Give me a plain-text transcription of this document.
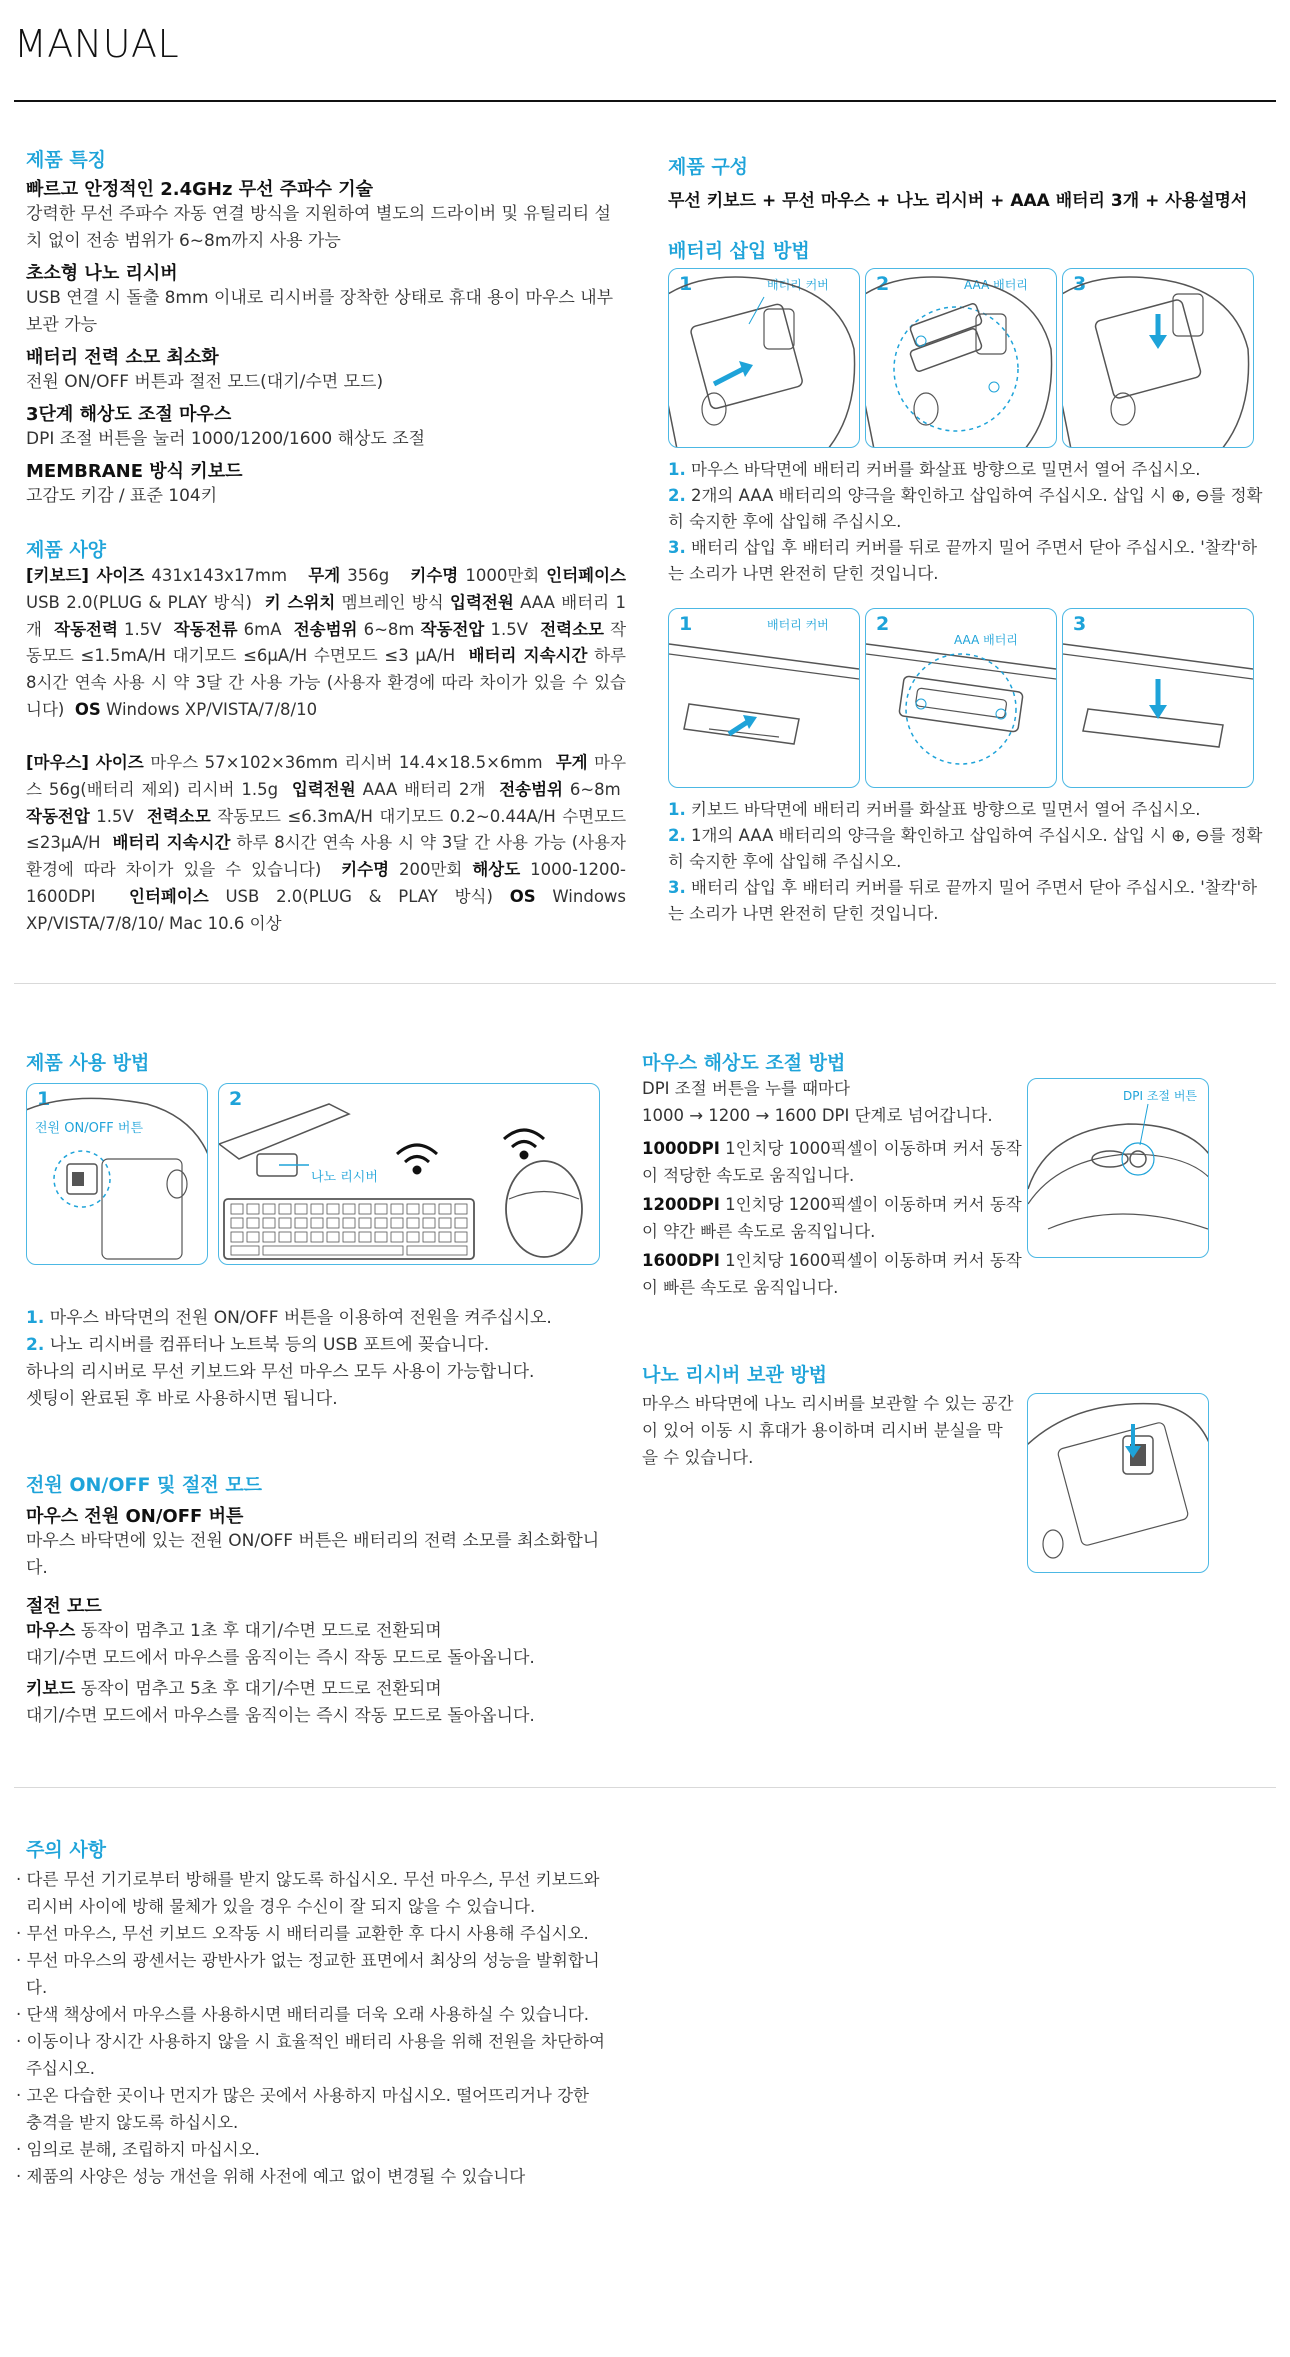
MANUAL
제품 특징
빠르고 안정적인 2.4GHz 무선 주파수 기술
강력한 무선 주파수 자동 연결 방식을 지원하여 별도의 드라이버 및 유틸리티 설치 없이 전송 범위가 6~8m까지 사용 가능
초소형 나노 리시버
USB 연결 시 돌출 8mm 이내로 리시버를 장착한 상태로 휴대 용이 마우스 내부 보관 가능
배터리 전력 소모 최소화
전원 ON/OFF 버튼과 절전 모드(대기/수면 모드)
3단계 해상도 조절 마우스
DPI 조절 버튼을 눌러 1000/1200/1600 해상도 조절
MEMBRANE 방식 키보드
고감도 키감 / 표준 104키
제품 사양
[키보드] 사이즈 431x143x17mm 무게 356g 키수명 1000만회 인터페이스 USB 2.0(PLUG & PLAY 방식) 키 스위치 멤브레인 방식 입력전원 AAA 배터리 1개 작동전력 1.5V 작동전류 6mA 전송범위 6~8m 작동전압 1.5V 전력소모 작동모드 ≤1.5mA/H 대기모드 ≤6μA/H 수면모드 ≤3 μA/H 배터리 지속시간 하루 8시간 연속 사용 시 약 3달 간 사용 가능 (사용자 환경에 따라 차이가 있을 수 있습니다) OS Windows XP/VISTA/7/8/10
[마우스] 사이즈 마우스 57×102×36mm 리시버 14.4×18.5×6mm 무게 마우스 56g(배터리 제외) 리시버 1.5g 입력전원 AAA 배터리 2개 전송범위 6~8m  작동전압 1.5V 전력소모 작동모드 ≤6.3mA/H 대기모드 0.2~0.44A/H 수면모드 ≤23μA/H 배터리 지속시간 하루 8시간 연속 사용 시 약 3달 간 사용 가능 (사용자 환경에 따라 차이가 있을 수 있습니다) 키수명 200만회 해상도 1000-1200-1600DPI 인터페이스 USB 2.0(PLUG & PLAY 방식) OS Windows XP/VISTA/7/8/10/ Mac 10.6 이상
제품 구성
무선 키보드 + 무선 마우스 + 나노 리시버 + AAA 배터리 3개 + 사용설명서
배터리 삽입 방법
1	배터리 커버 2	AAA 배터리 3
1. 마우스 바닥면에 배터리 커버를 화살표 방향으로 밀면서 열어 주십시오.
2. 2개의 AAA 배터리의 양극을 확인하고 삽입하여 주십시오. 삽입 시 ⊕, ⊖를 정확히 숙지한 후에 삽입해 주십시오.
3. 배터리 삽입 후 배터리 커버를 뒤로 끝까지 밀어 주면서 닫아 주십시오. '찰칵'하는 소리가 나면 완전히 닫힌 것입니다.
1	배터리 커버 2
AAA 배터리
3
1. 키보드 바닥면에 배터리 커버를 화살표 방향으로 밀면서 열어 주십시오.
2. 1개의 AAA 배터리의 양극을 확인하고 삽입하여 주십시오. 삽입 시 ⊕, ⊖를 정확히 숙지한 후에 삽입해 주십시오.
3. 배터리 삽입 후 배터리 커버를 뒤로 끝까지 밀어 주면서 닫아 주십시오. '찰칵'하는 소리가 나면 완전히 닫힌 것입니다.
제품 사용 방법
1
전원 ON/OFF 버튼
2
나노 리시버
1. 마우스 바닥면의 전원 ON/OFF 버튼을 이용하여 전원을 켜주십시오.
2. 나노 리시버를 컴퓨터나 노트북 등의 USB 포트에 꽂습니다.
하나의 리시버로 무선 키보드와 무선 마우스 모두 사용이 가능합니다.
셋팅이 완료된 후 바로 사용하시면 됩니다.
전원 ON/OFF 및 절전 모드
마우스 전원 ON/OFF 버튼
마우스 바닥면에 있는 전원 ON/OFF 버튼은 배터리의 전력 소모를 최소화합니다.
절전 모드
마우스 동작이 멈추고 1초 후 대기/수면 모드로 전환되며
대기/수면 모드에서 마우스를 움직이는 즉시 작동 모드로 돌아옵니다.
키보드 동작이 멈추고 5초 후 대기/수면 모드로 전환되며
대기/수면 모드에서 마우스를 움직이는 즉시 작동 모드로 돌아옵니다.
마우스 해상도 조절 방법
DPI 조절 버튼을 누를 때마다
1000 → 1200 → 1600 DPI 단계로 넘어갑니다.
1000DPI 1인치당 1000픽셀이 이동하며 커서 동작이 적당한 속도로 움직입니다.
1200DPI 1인치당 1200픽셀이 이동하며 커서 동작이 약간 빠른 속도로 움직입니다.
1600DPI 1인치당 1600픽셀이 이동하며 커서 동작이 빠른 속도로 움직입니다.
DPI 조절 버튼
나노 리시버 보관 방법
마우스 바닥면에 나노 리시버를 보관할 수 있는 공간이 있어 이동 시 휴대가 용이하며 리시버 분실을 막을 수 있습니다.
주의 사항
· 다른 무선 기기로부터 방해를 받지 않도록 하십시오. 무선 마우스, 무선 키보드와 리시버 사이에 방해 물체가 있을 경우 수신이 잘 되지 않을 수 있습니다.
· 무선 마우스, 무선 키보드 오작동 시 배터리를 교환한 후 다시 사용해 주십시오.
· 무선 마우스의 광센서는 광반사가 없는 정교한 표면에서 최상의 성능을 발휘합니다.
· 단색 책상에서 마우스를 사용하시면 배터리를 더욱 오래 사용하실 수 있습니다.
· 이동이나 장시간 사용하지 않을 시 효율적인 배터리 사용을 위해 전원을 차단하여 주십시오.
· 고온 다습한 곳이나 먼지가 많은 곳에서 사용하지 마십시오. 떨어뜨리거나 강한 충격을 받지 않도록 하십시오.
· 임의로 분해, 조립하지 마십시오.
· 제품의 사양은 성능 개선을 위해 사전에 예고 없이 변경될 수 있습니다
